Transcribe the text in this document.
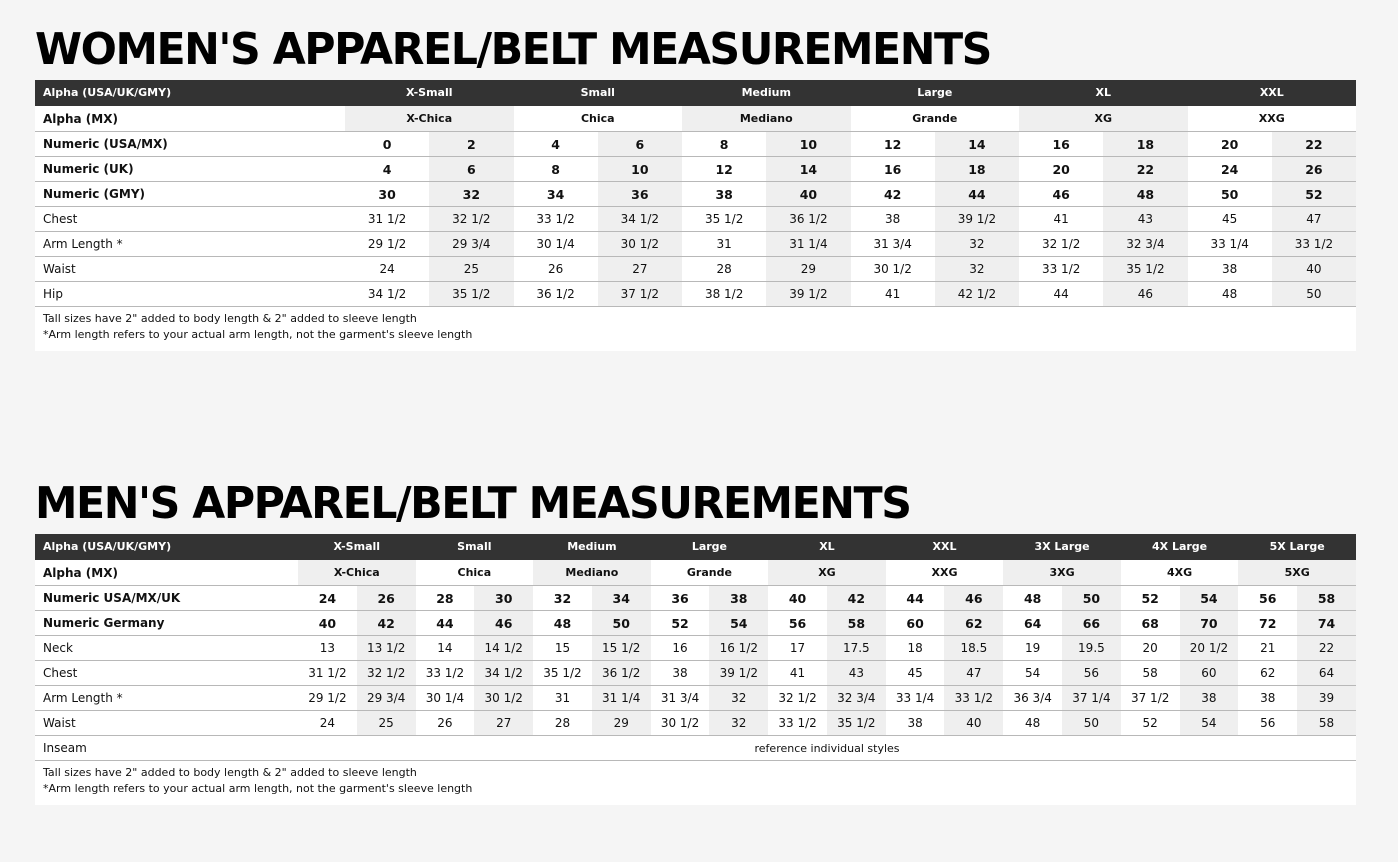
WOMEN'S APPAREL/BELT MEASUREMENTS
Alpha (USA/UK/GMY)	X-Small		Small		Medium		Large		XL		XXL	
Alpha (MX)	X-Chica		Chica		Mediano		Grande		XG		XXG	
Numeric (USA/MX)	0	2	4	6	8	10	12	14	16	18	20	22
Numeric (UK)	4	6	8	10	12	14	16	18	20	22	24	26
Numeric (GMY)	30	32	34	36	38	40	42	44	46	48	50	52
Chest	31 1/2	32 1/2	33 1/2	34 1/2	35 1/2	36 1/2	38	39 1/2	41	43	45	47
Arm Length *	29 1/2	29 3/4	30 1/4	30 1/2	31	31 1/4	31 3/4	32	32 1/2	32 3/4	33 1/4	33 1/2
Waist	24	25	26	27	28	29	30 1/2	32	33 1/2	35 1/2	38	40
Hip	34 1/2	35 1/2	36 1/2	37 1/2	38 1/2	39 1/2	41	42 1/2	44	46	48	50
Tall sizes have 2" added to body length & 2" added to sleeve length
*Arm length refers to your actual arm length, not the garment's sleeve length
MEN'S APPAREL/BELT MEASUREMENTS
Alpha (USA/UK/GMY)	X-Small		Small		Medium		Large		XL		XXL		3X Large		4X Large		5X Large	
Alpha (MX)	X-Chica		Chica		Mediano		Grande		XG		XXG		3XG		4XG		5XG	
Numeric USA/MX/UK	24	26	28	30	32	34	36	38	40	42	44	46	48	50	52	54	56	58
Numeric Germany	40	42	44	46	48	50	52	54	56	58	60	62	64	66	68	70	72	74
Neck	13	13 1/2	14	14 1/2	15	15 1/2	16	16 1/2	17	17.5	18	18.5	19	19.5	20	20 1/2	21	22
Chest	31 1/2	32 1/2	33 1/2	34 1/2	35 1/2	36 1/2	38	39 1/2	41	43	45	47	54	56	58	60	62	64
Arm Length *	29 1/2	29 3/4	30 1/4	30 1/2	31	31 1/4	31 3/4	32	32 1/2	32 3/4	33 1/4	33 1/2	36 3/4	37 1/4	37 1/2	38	38	39
Waist	24	25	26	27	28	29	30 1/2	32	33 1/2	35 1/2	38	40	48	50	52	54	56	58
Inseam	reference individual styles																	
Tall sizes have 2" added to body length & 2" added to sleeve length
*Arm length refers to your actual arm length, not the garment's sleeve length
